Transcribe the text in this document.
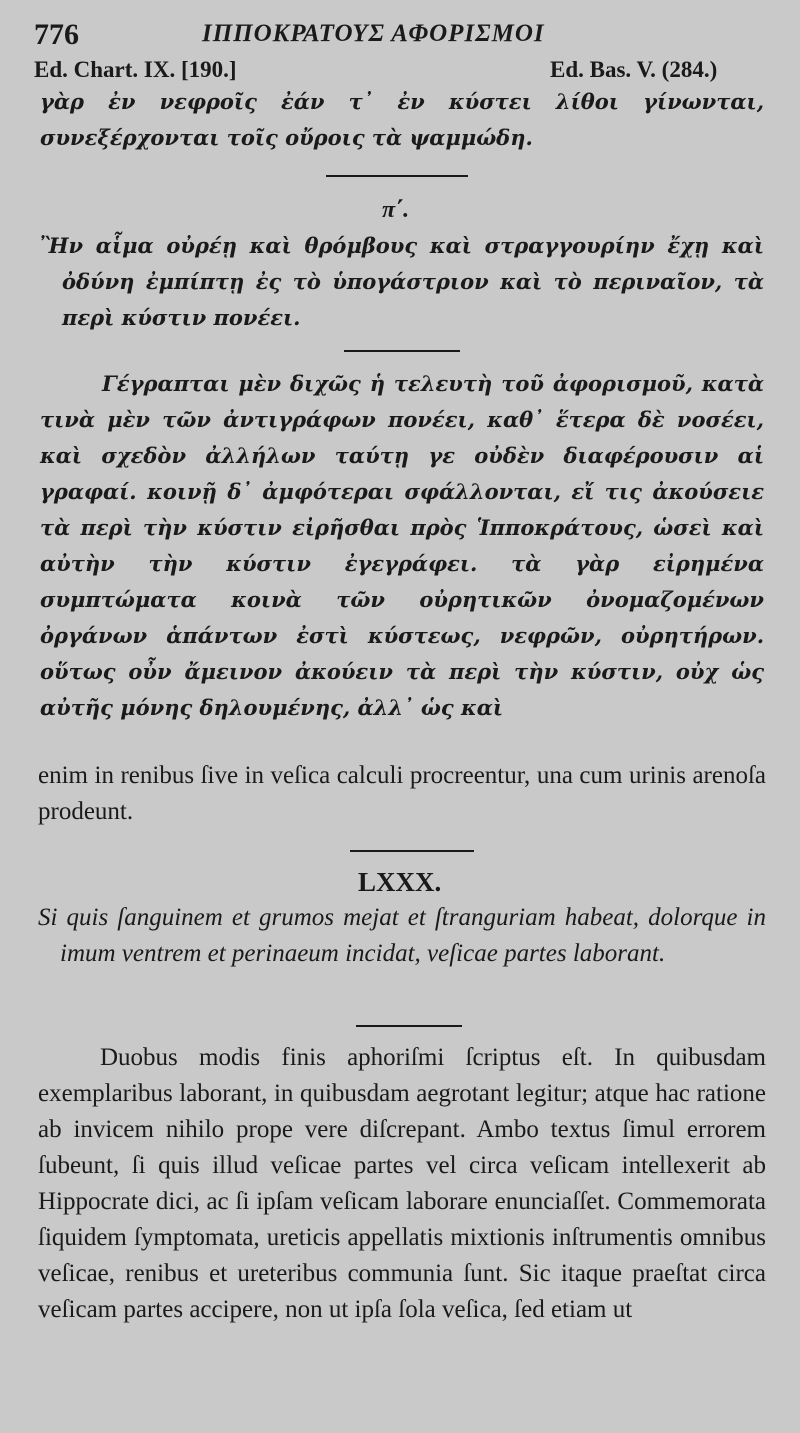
776	ΙΠΠΟΚΡΑΤΟΥΣ ΑΦΟΡΙΣΜΟΙ
Ed. Chart. IX. [190.]	Ed. Bas. V. (284.)

γὰρ ἐν νεφροῖς ἐάν τ᾿ ἐν κύστει λίθοι γίνωνται, συνεξέρχονται τοῖς οὔροις τὰ ψαμμώδη.

π΄.

Ἢν αἷμα οὐρέῃ καὶ θρόμβους καὶ στραγγουρίην ἔχῃ καὶ ὀδύνη ἐμπίπτῃ ἐς τὸ ὑπογάστριον καὶ τὸ περιναῖον, τὰ περὶ κύστιν πονέει.

Γέγραπται μὲν διχῶς ἡ τελευτὴ τοῦ ἀφορισμοῦ, κατὰ τινὰ μὲν τῶν ἀντιγράφων πονέει, καθ᾿ ἕτερα δὲ νοσέει, καὶ σχεδὸν ἀλλήλων ταύτῃ γε οὐδὲν διαφέρουσιν αἱ γραφαί. κοινῇ δ᾿ ἀμφότεραι σφάλλονται, εἴ τις ἀκούσειε τὰ περὶ τὴν κύστιν εἰρῆσθαι πρὸς Ἱπποκράτους, ὡσεὶ καὶ αὐτὴν τὴν κύστιν ἐγεγράφει. τὰ γὰρ εἰρημένα συμπτώματα κοινὰ τῶν οὐρητικῶν ὀνομαζομένων ὀργάνων ἁπάντων ἐστὶ κύστεως, νεφρῶν, οὐρητήρων. οὕτως οὖν ἄμεινον ἀκούειν τὰ περὶ τὴν κύστιν, οὐχ ὡς αὐτῆς μόνης δηλουμένης, ἀλλ᾿ ὡς καὶ

enim in renibus ſive in veſica calculi procreentur, una cum urinis arenoſa prodeunt.

LXXX.

Si quis ſanguinem et grumos mejat et ſtranguriam habeat, dolorque in imum ventrem et perinaeum incidat, veſicae partes laborant.

Duobus modis finis aphoriſmi ſcriptus eſt. In quibusdam exemplaribus laborant, in quibusdam aegrotant legitur; atque hac ratione ab invicem nihilo prope vere diſcrepant. Ambo textus ſimul errorem ſubeunt, ſi quis illud veſicae partes vel circa veſicam intellexerit ab Hippocrate dici, ac ſi ipſam veſicam laborare enunciaſſet. Commemorata ſiquidem ſymptomata, ureticis appellatis mixtionis inſtrumentis omnibus veſicae, renibus et ureteribus communia ſunt. Sic itaque praeſtat circa veſicam partes accipere, non ut ipſa ſola veſica, ſed etiam ut
